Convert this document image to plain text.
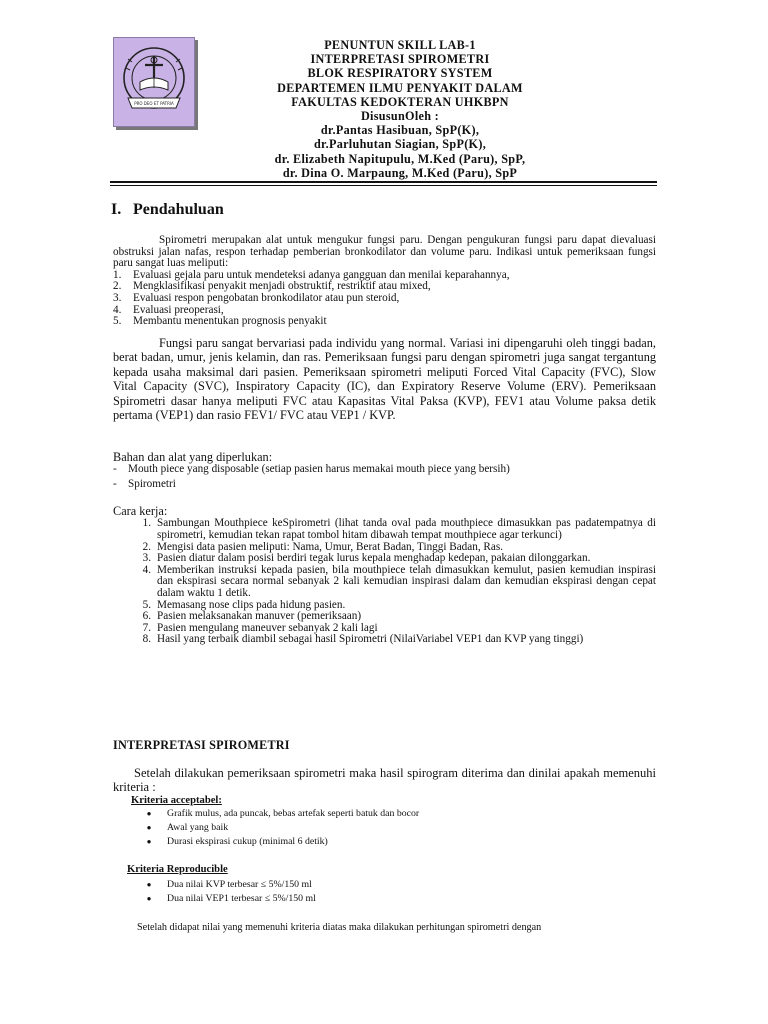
PRO DEO ET PATRIA
PENUNTUN SKILL LAB-1
INTERPRETASI SPIROMETRI
BLOK RESPIRATORY SYSTEM
DEPARTEMEN ILMU PENYAKIT DALAM
FAKULTAS KEDOKTERAN UHKBPN
DisusunOleh :
dr.Pantas Hasibuan, SpP(K),
dr.Parluhutan Siagian, SpP(K),
dr. Elizabeth Napitupulu, M.Ked (Paru), SpP,
dr. Dina O. Marpaung, M.Ked (Paru), SpP
I. Pendahuluan
Spirometri merupakan alat untuk mengukur fungsi paru. Dengan pengukuran fungsi paru dapat dievaluasi obstruksi jalan nafas, respon terhadap pemberian bronkodilator dan volume paru. Indikasi untuk pemeriksaan fungsi paru sangat luas meliputi:
1.	Evaluasi gejala paru untuk mendeteksi adanya gangguan dan menilai keparahannya,
2.	Mengklasifikasi penyakit menjadi obstruktif, restriktif atau mixed,
3.	Evaluasi respon pengobatan bronkodilator atau pun steroid,
4.	Evaluasi preoperasi,
5.	Membantu menentukan prognosis penyakit
Fungsi paru sangat bervariasi pada individu yang normal. Variasi ini dipengaruhi oleh tinggi badan, berat badan, umur, jenis kelamin, dan ras. Pemeriksaan fungsi paru dengan spirometri juga sangat tergantung kepada usaha maksimal dari pasien. Pemeriksaan spirometri meliputi Forced Vital Capacity (FVC), Slow Vital Capacity (SVC), Inspiratory Capacity (IC), dan Expiratory Reserve Volume (ERV). Pemeriksaan Spirometri dasar hanya meliputi FVC atau Kapasitas Vital Paksa (KVP), FEV1 atau Volume paksa detik pertama (VEP1) dan rasio FEV1/ FVC atau VEP1 / KVP.
Bahan dan alat yang diperlukan:
-	Mouth piece yang disposable (setiap pasien harus memakai mouth piece yang bersih)
-	Spirometri
Cara kerja:
1. Sambungan Mouthpiece keSpirometri (lihat tanda oval pada mouthpiece dimasukkan pas padatempatnya di spirometri, kemudian tekan rapat tombol hitam dibawah tempat mouthpiece agar terkunci)
2. Mengisi data pasien meliputi: Nama, Umur, Berat Badan, Tinggi Badan, Ras.
3. Pasien diatur dalam posisi berdiri tegak lurus kepala menghadap kedepan, pakaian dilonggarkan.
4. Memberikan instruksi kepada pasien, bila mouthpiece telah dimasukkan kemulut, pasien kemudian inspirasi dan ekspirasi secara normal sebanyak 2 kali kemudian inspirasi dalam dan kemudian ekspirasi dengan cepat dalam waktu 1 detik.
5. Memasang nose clips pada hidung pasien.
6. Pasien melaksanakan manuver (pemeriksaan)
7. Pasien mengulang maneuver sebanyak 2 kali lagi
8. Hasil yang terbaik diambil sebagai hasil Spirometri (NilaiVariabel VEP1 dan KVP yang tinggi)
INTERPRETASI SPIROMETRI
Setelah dilakukan pemeriksaan spirometri maka hasil spirogram diterima dan dinilai apakah memenuhi kriteria :
Kriteria acceptabel:
●	Grafik mulus, ada puncak, bebas artefak seperti batuk dan bocor
●	Awal yang baik
●	Durasi ekspirasi cukup (minimal 6 detik)
Kriteria Reproducible
●	Dua nilai KVP terbesar ≤ 5%/150 ml
●	Dua nilai VEP1 terbesar ≤ 5%/150 ml
Setelah didapat nilai yang memenuhi kriteria diatas maka dilakukan perhitungan spirometri dengan
